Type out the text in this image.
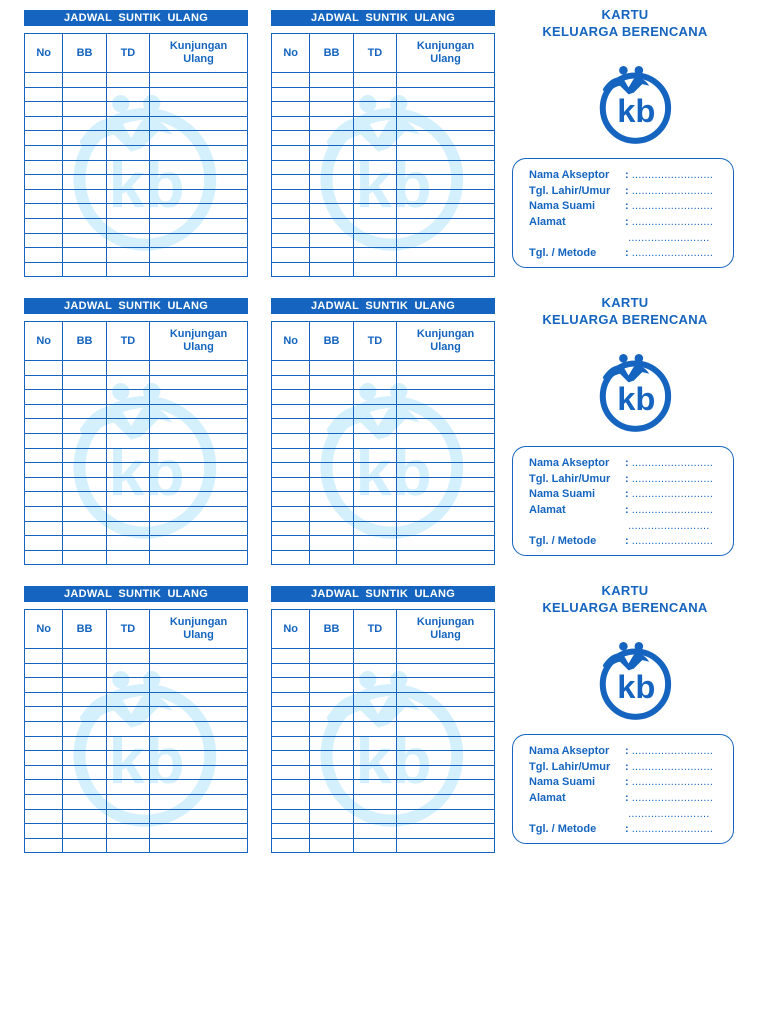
JADWAL SUNTIK ULANG
kb
No	BB	TD	Kunjungan
Ulang

JADWAL SUNTIK ULANG
kb
No	BB	TD	Kunjungan
Ulang

KARTU
KELUARGA BERENCANA
kb
Nama Akseptor : .........................
Tgl. Lahir/Umur : .........................
Nama Suami	: .........................
Alamat	: .........................
.........................
Tgl. / Metode	: .........................
JADWAL SUNTIK ULANG
kb
No	BB	TD	Kunjungan
Ulang

JADWAL SUNTIK ULANG
kb
No	BB	TD	Kunjungan
Ulang

KARTU
KELUARGA BERENCANA
kb
Nama Akseptor : .........................
Tgl. Lahir/Umur : .........................
Nama Suami	: .........................
Alamat	: .........................
.........................
Tgl. / Metode	: .........................
JADWAL SUNTIK ULANG
kb
No	BB	TD	Kunjungan
Ulang

JADWAL SUNTIK ULANG
kb
No	BB	TD	Kunjungan
Ulang

KARTU
KELUARGA BERENCANA
kb
Nama Akseptor : .........................
Tgl. Lahir/Umur : .........................
Nama Suami	: .........................
Alamat	: .........................
.........................
Tgl. / Metode	: .........................
